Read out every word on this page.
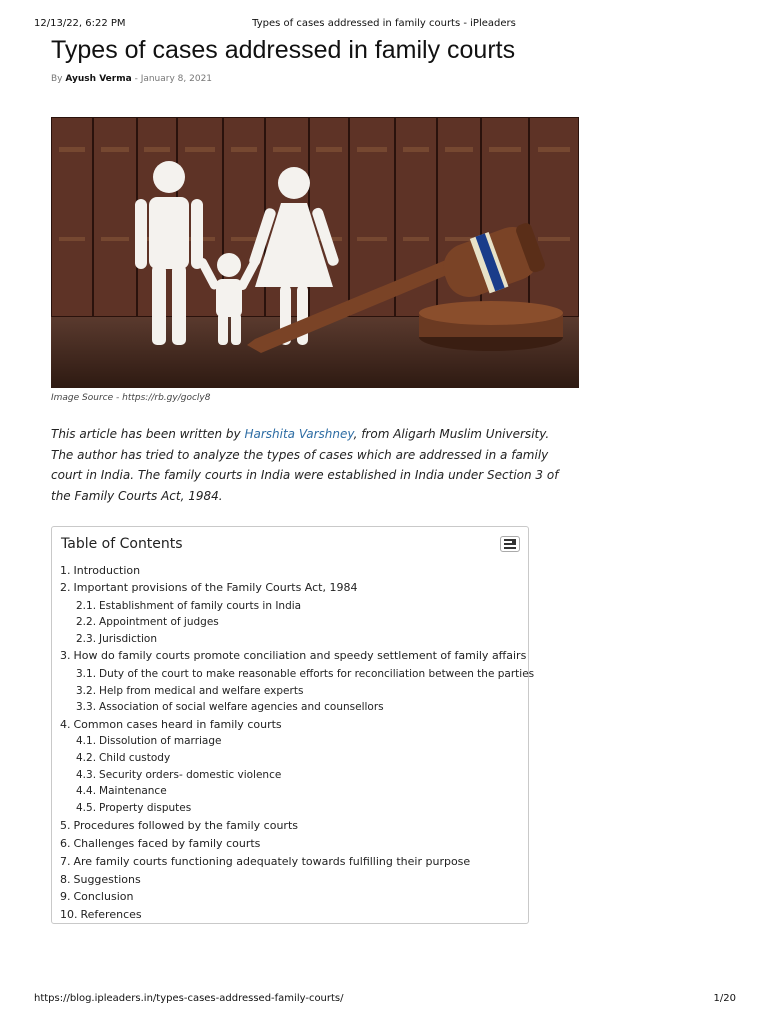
12/13/22, 6:22 PM	Types of cases addressed in family courts - iPleaders
Types of cases addressed in family courts
By Ayush Verma - January 8, 2021
Image Source - https://rb.gy/gocly8

This article has been written by Harshita Varshney, from Aligarh Muslim University. The author has tried to analyze the types of cases which are addressed in a family court in India. The family courts in India were established in India under Section 3 of the Family Courts Act, 1984.

Table of Contents
1. Introduction
2. Important provisions of the Family Courts Act, 1984
2.1. Establishment of family courts in India
2.2. Appointment of judges
2.3. Jurisdiction
3. How do family courts promote conciliation and speedy settlement of family affairs
3.1. Duty of the court to make reasonable efforts for reconciliation between the parties
3.2. Help from medical and welfare experts
3.3. Association of social welfare agencies and counsellors
4. Common cases heard in family courts
4.1. Dissolution of marriage
4.2. Child custody
4.3. Security orders- domestic violence
4.4. Maintenance
4.5. Property disputes
5. Procedures followed by the family courts
6. Challenges faced by family courts
7. Are family courts functioning adequately towards fulfilling their purpose
8. Suggestions
9. Conclusion
10. References
https://blog.ipleaders.in/types-cases-addressed-family-courts/	1/20
